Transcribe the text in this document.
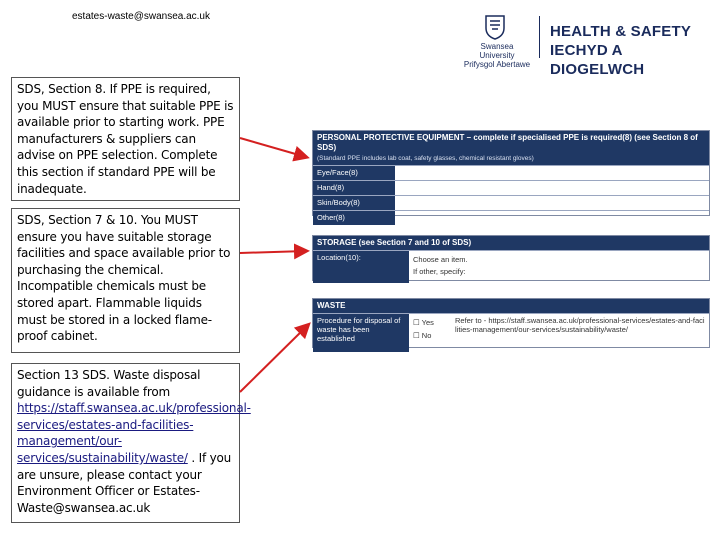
estates-waste@swansea.ac.uk
Swansea University
Prifysgol Abertawe
HEALTH & SAFETY
IECHYD A DIOGELWCH
SDS, Section 8. If PPE is required, you MUST ensure that suitable PPE is available prior to starting work. PPE manufacturers & suppliers can advise on PPE selection. Complete this section if standard PPE will be inadequate.
SDS, Section 7 & 10. You MUST ensure you have suitable storage facilities and space available prior to purchasing the chemical. Incompatible chemicals must be stored apart. Flammable liquids must be stored in a locked flame-proof cabinet.
Section 13 SDS. Waste disposal guidance is available from https://staff.swansea.ac.uk/professional-services/estates-and-facilities-management/our-services/sustainability/waste/ . If you are unsure, please contact your Environment Officer or Estates-Waste@swansea.ac.uk
PERSONAL PROTECTIVE EQUIPMENT – complete if specialised PPE is required(8) (see Section 8 of SDS)
(Standard PPE includes lab coat, safety glasses, chemical resistant gloves)
Eye/Face(8)
Hand(8)
Skin/Body(8)
Other(8)
STORAGE (see Section 7 and 10 of SDS)
Location(10):	Choose an item.
If other, specify:
WASTE
Procedure for disposal of waste has been established
☐ Yes
☐ No
Refer to - https://staff.swansea.ac.uk/professional-services/estates-and-facilities-management/our-services/sustainability/waste/
